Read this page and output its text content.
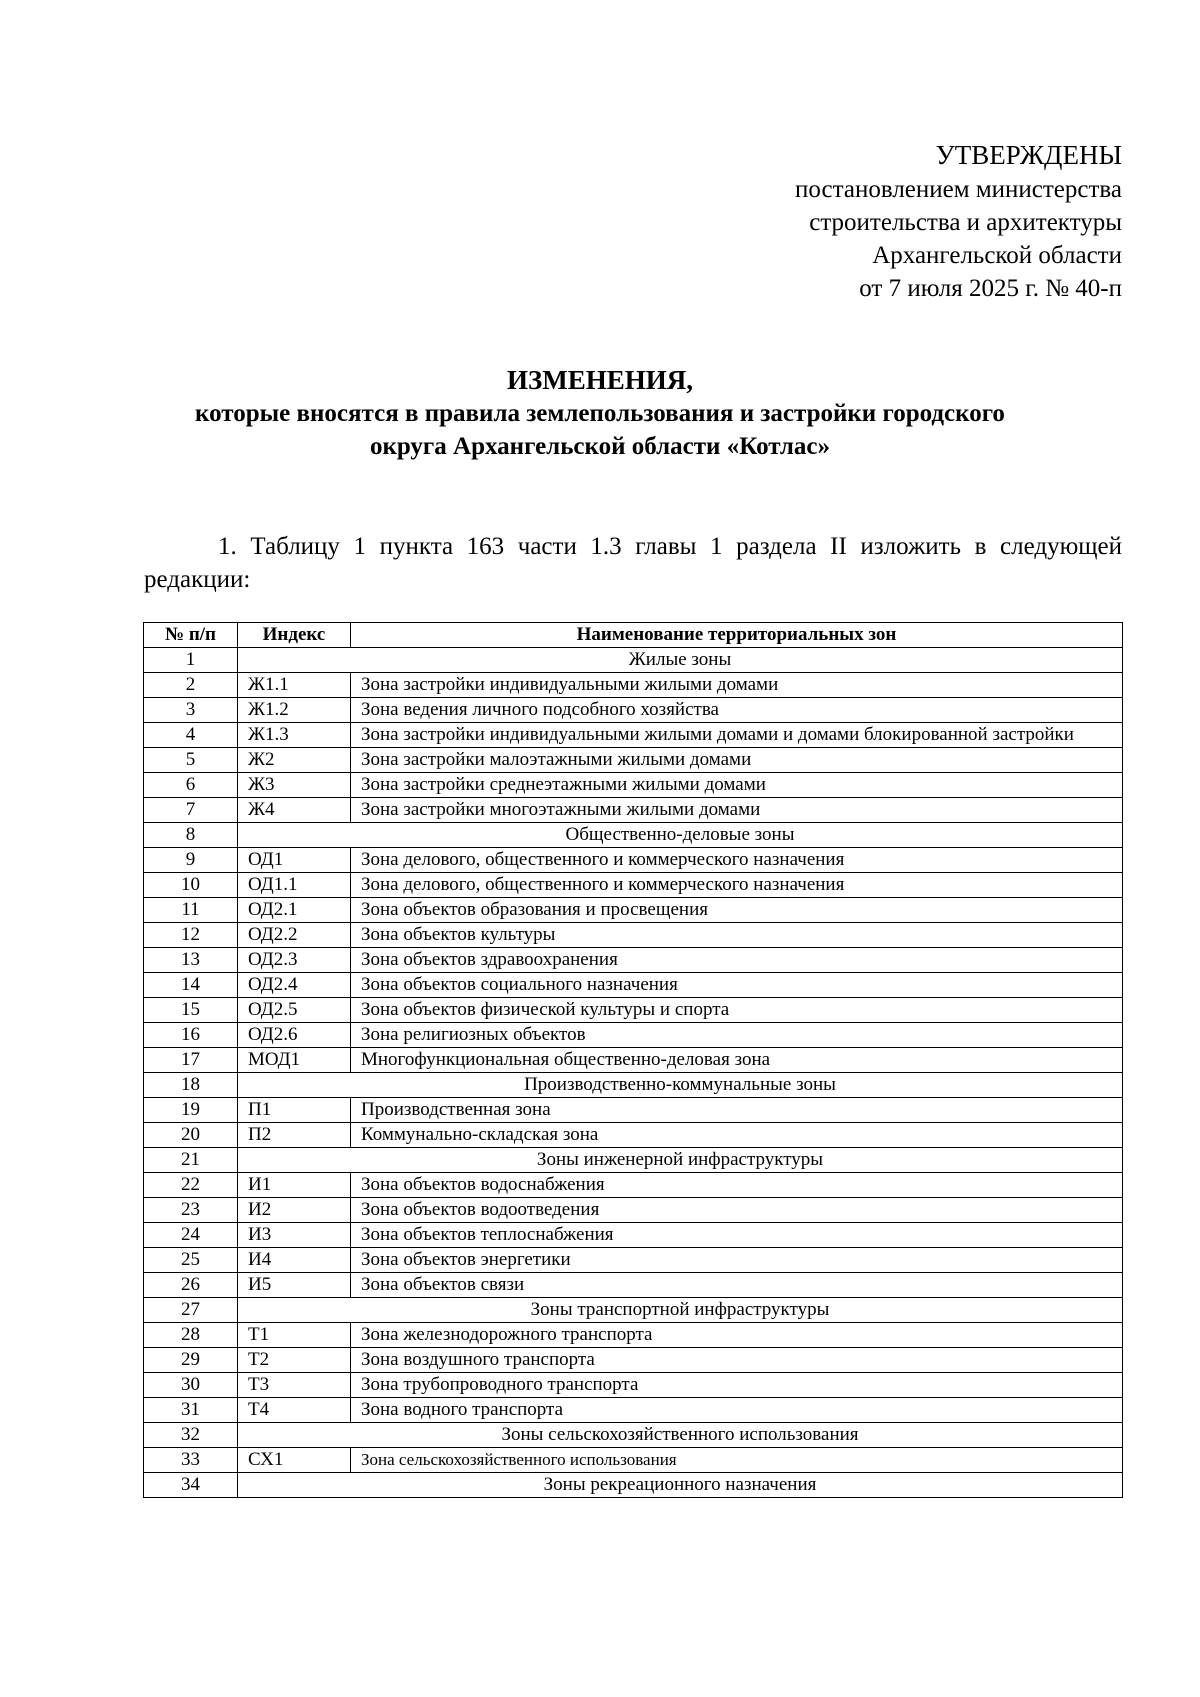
УТВЕРЖДЕНЫ
постановлением министерства
строительства и архитектуры
Архангельской области
от 7 июля 2025 г. № 40-п
ИЗМЕНЕНИЯ,
которые вносятся в правила землепользования и застройки городского
округа Архангельской области «Котлас»
1. Таблицу 1 пункта 163 части 1.3 главы 1 раздела II изложить в следующей редакции:
№ п/п	Индекс	Наименование территориальных зон
1	Жилые зоны	
2	Ж1.1	Зона застройки индивидуальными жилыми домами
3	Ж1.2	Зона ведения личного подсобного хозяйства
4	Ж1.3	Зона застройки индивидуальными жилыми домами и домами блокированной застройки
5	Ж2	Зона застройки малоэтажными жилыми домами
6	Ж3	Зона застройки среднеэтажными жилыми домами
7	Ж4	Зона застройки многоэтажными жилыми домами
8	Общественно-деловые зоны	
9	ОД1	Зона делового, общественного и коммерческого назначения
10	ОД1.1	Зона делового, общественного и коммерческого назначения
11	ОД2.1	Зона объектов образования и просвещения
12	ОД2.2	Зона объектов культуры
13	ОД2.3	Зона объектов здравоохранения
14	ОД2.4	Зона объектов социального назначения
15	ОД2.5	Зона объектов физической культуры и спорта
16	ОД2.6	Зона религиозных объектов
17	МОД1	Многофункциональная общественно-деловая зона
18	Производственно-коммунальные зоны	
19	П1	Производственная зона
20	П2	Коммунально-складская зона
21	Зоны инженерной инфраструктуры	
22	И1	Зона объектов водоснабжения
23	И2	Зона объектов водоотведения
24	И3	Зона объектов теплоснабжения
25	И4	Зона объектов энергетики
26	И5	Зона объектов связи
27	Зоны транспортной инфраструктуры	
28	Т1	Зона железнодорожного транспорта
29	Т2	Зона воздушного транспорта
30	Т3	Зона трубопроводного транспорта
31	Т4	Зона водного транспорта
32	Зоны сельскохозяйственного использования	
33	СХ1	Зона сельскохозяйственного использования
34	Зоны рекреационного назначения	
